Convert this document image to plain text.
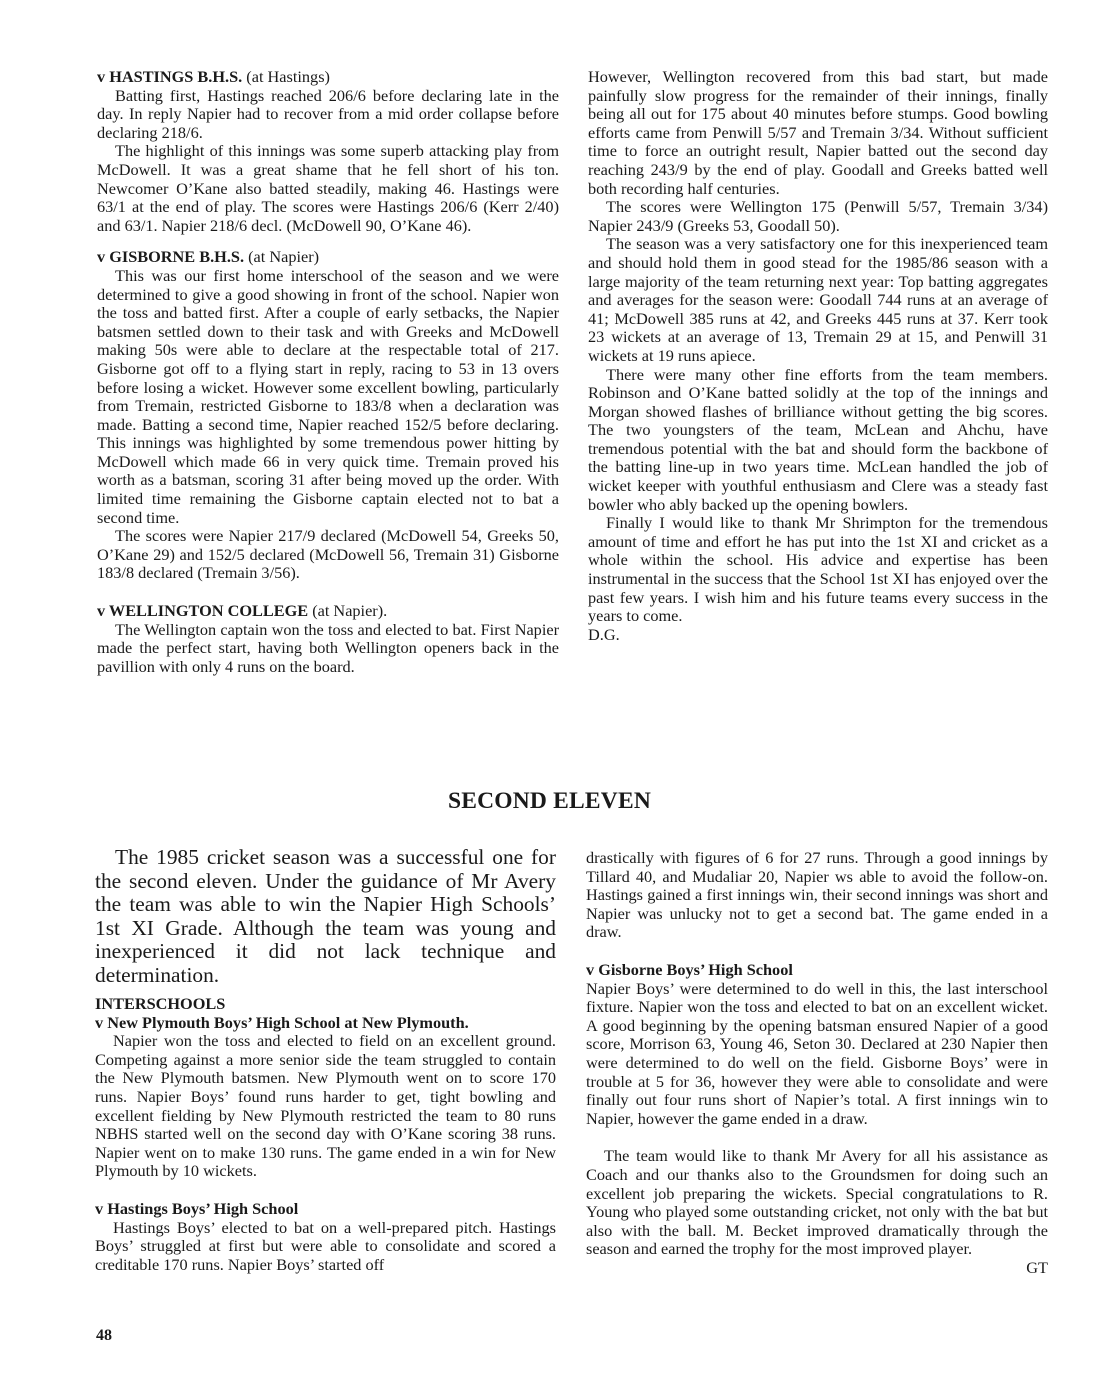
v HASTINGS B.H.S. (at Hastings)

Batting first, Hastings reached 206/6 before declaring late in the day. In reply Napier had to recover from a mid order collapse before declaring 218/6.

The highlight of this innings was some superb attacking play from McDowell. It was a great shame that he fell short of his ton. Newcomer O’Kane also batted steadily, making 46. Hastings were 63/1 at the end of play. The scores were Hastings 206/6 (Kerr 2/40) and 63/1. Napier 218/6 decl. (McDowell 90, O’Kane 46).

v GISBORNE B.H.S. (at Napier)

This was our first home interschool of the season and we were determined to give a good showing in front of the school. Napier won the toss and batted first. After a couple of early setbacks, the Napier batsmen settled down to their task and with Greeks and McDowell making 50s were able to declare at the respectable total of 217. Gisborne got off to a flying start in reply, racing to 53 in 13 overs before losing a wicket. However some excellent bowling, particularly from Tremain, restricted Gisborne to 183/8 when a declaration was made. Batting a second time, Napier reached 152/5 before declaring. This innings was highlighted by some tremendous power hitting by McDowell which made 66 in very quick time. Tremain proved his worth as a batsman, scoring 31 after being moved up the order. With limited time remaining the Gisborne captain elected not to bat a second time.

The scores were Napier 217/9 declared (McDowell 54, Greeks 50, O’Kane 29) and 152/5 declared (McDowell 56, Tremain 31) Gisborne 183/8 declared (Tremain 3/56).

v WELLINGTON COLLEGE (at Napier).

The Wellington captain won the toss and elected to bat. First Napier made the perfect start, having both Wellington openers back in the pavillion with only 4 runs on the board.

However, Wellington recovered from this bad start, but made painfully slow progress for the remainder of their innings, finally being all out for 175 about 40 minutes before stumps. Good bowling efforts came from Penwill 5/57 and Tremain 3/34. Without sufficient time to force an outright result, Napier batted out the second day reaching 243/9 by the end of play. Goodall and Greeks batted well both recording half centuries.

The scores were Wellington 175 (Penwill 5/57, Tremain 3/34) Napier 243/9 (Greeks 53, Goodall 50).

The season was a very satisfactory one for this inexperienced team and should hold them in good stead for the 1985/86 season with a large majority of the team returning next year: Top batting aggregates and averages for the season were: Goodall 744 runs at an average of 41; McDowell 385 runs at 42, and Greeks 445 runs at 37. Kerr took 23 wickets at an average of 13, Tremain 29 at 15, and Penwill 31 wickets at 19 runs apiece.

There were many other fine efforts from the team members. Robinson and O’Kane batted solidly at the top of the innings and Morgan showed flashes of brilliance without getting the big scores. The two youngsters of the team, McLean and Ahchu, have tremendous potential with the bat and should form the backbone of the batting line-up in two years time. McLean handled the job of wicket keeper with youthful enthusiasm and Clere was a steady fast bowler who ably backed up the opening bowlers.

Finally I would like to thank Mr Shrimpton for the tremendous amount of time and effort he has put into the 1st XI and cricket as a whole within the school. His advice and expertise has been instrumental in the success that the School 1st XI has enjoyed over the past few years. I wish him and his future teams every success in the years to come.

D.G.

SECOND ELEVEN
The 1985 cricket season was a successful one for the second eleven. Under the guidance of Mr Avery the team was able to win the Napier High Schools’ 1st XI Grade. Although the team was young and inexperienced it did not lack technique and determination.

INTERSCHOOLS

v New Plymouth Boys’ High School at New Plymouth.

Napier won the toss and elected to field on an excellent ground. Competing against a more senior side the team struggled to contain the New Plymouth batsmen. New Plymouth went on to score 170 runs. Napier Boys’ found runs harder to get, tight bowling and excellent fielding by New Plymouth restricted the team to 80 runs NBHS started well on the second day with O’Kane scoring 38 runs. Napier went on to make 130 runs. The game ended in a win for New Plymouth by 10 wickets.

v Hastings Boys’ High School

Hastings Boys’ elected to bat on a well-prepared pitch. Hastings Boys’ struggled at first but were able to consolidate and scored a creditable 170 runs. Napier Boys’ started off

drastically with figures of 6 for 27 runs. Through a good innings by Tillard 40, and Mudaliar 20, Napier ws able to avoid the follow-on. Hastings gained a first innings win, their second innings was short and Napier was unlucky not to get a second bat. The game ended in a draw.

v Gisborne Boys’ High School

Napier Boys’ were determined to do well in this, the last interschool fixture. Napier won the toss and elected to bat on an excellent wicket. A good beginning by the opening batsman ensured Napier of a good score, Morrison 63, Young 46, Seton 30. Declared at 230 Napier then were determined to do well on the field. Gisborne Boys’ were in trouble at 5 for 36, however they were able to consolidate and were finally out four runs short of Napier’s total. A first innings win to Napier, however the game ended in a draw.

The team would like to thank Mr Avery for all his assistance as Coach and our thanks also to the Groundsmen for doing such an excellent job preparing the wickets. Special congratulations to R. Young who played some outstanding cricket, not only with the bat but also with the ball. M. Becket improved dramatically through the season and earned the trophy for the most improved player.

GT

48
